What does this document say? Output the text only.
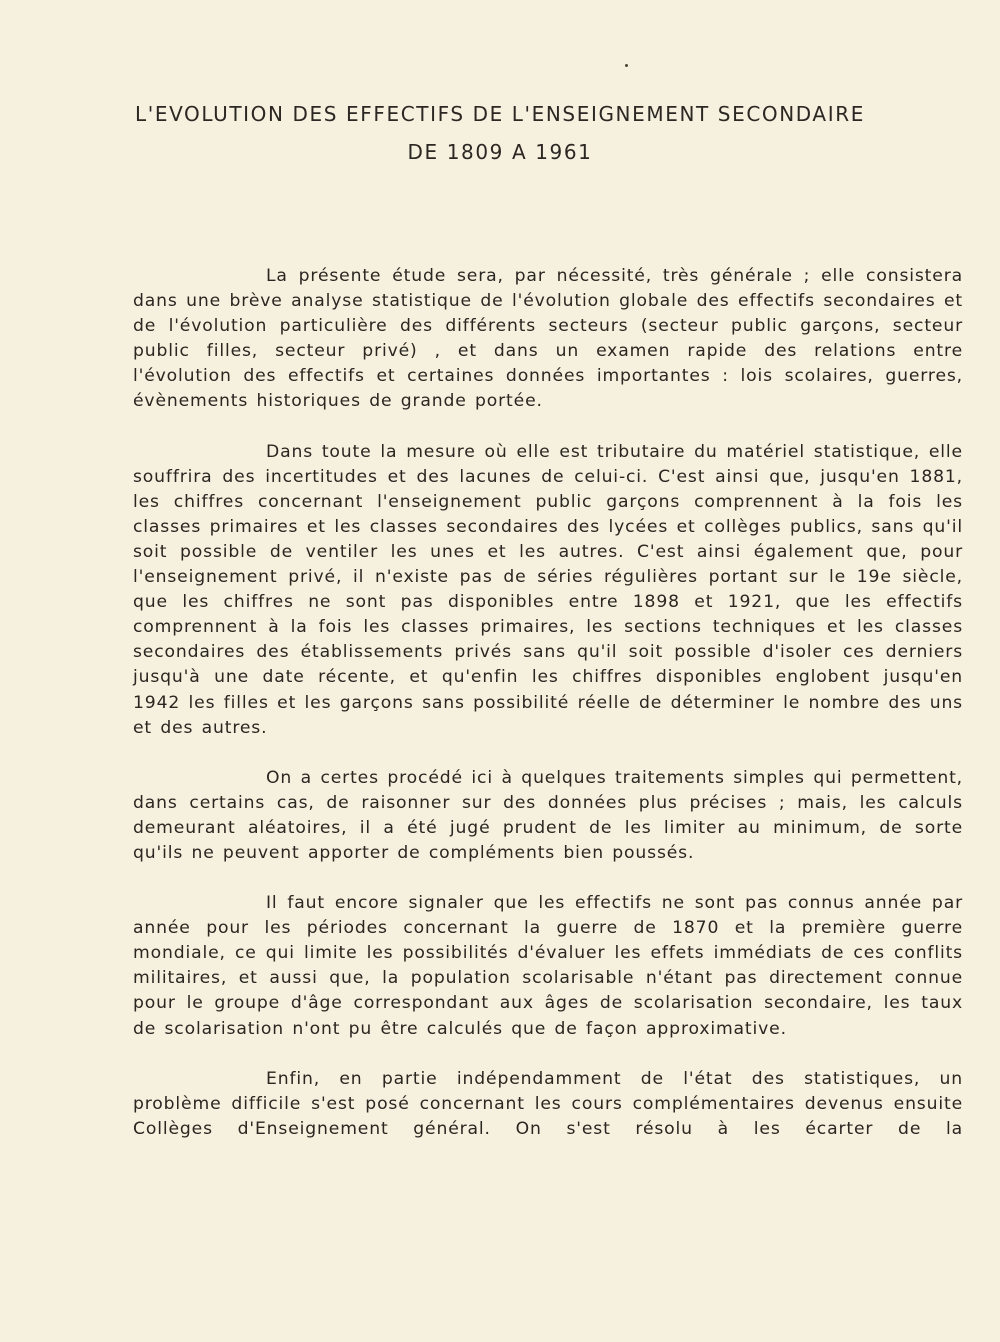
L'EVOLUTION DES EFFECTIFS DE L'ENSEIGNEMENT SECONDAIRE
DE 1809 A 1961

La présente étude sera, par nécessité, très générale ; elle consistera dans une brève analyse statistique de l'évolution globale des effectifs secondaires et de l'évolution particulière des différents secteurs (secteur public garçons, secteur public filles, secteur privé) , et dans un examen rapide des relations entre l'évolution des effectifs et certaines données importantes : lois scolaires, guerres, évènements historiques de grande portée.

Dans toute la mesure où elle est tributaire du matériel statistique, elle souffrira des incertitudes et des lacunes de celui-ci. C'est ainsi que, jusqu'en 1881, les chiffres concernant l'enseignement public garçons comprennent à la fois les classes primaires et les classes secondaires des lycées et collèges publics, sans qu'il soit possible de ventiler les unes et les autres. C'est ainsi également que, pour l'enseignement privé, il n'existe pas de séries régulières portant sur le 19e siècle, que les chiffres ne sont pas disponibles entre 1898 et 1921, que les effectifs comprennent à la fois les classes primaires, les sections techniques et les classes secondaires des établissements privés sans qu'il soit possible d'isoler ces derniers jusqu'à une date récente, et qu'enfin les chiffres disponibles englobent jusqu'en 1942 les filles et les garçons sans possibilité réelle de déterminer le nombre des uns et des autres.

On a certes procédé ici à quelques traitements simples qui permettent, dans certains cas, de raisonner sur des données plus précises ; mais, les calculs demeurant aléatoires, il a été jugé prudent de les limiter au minimum, de sorte qu'ils ne peuvent apporter de compléments bien poussés.

Il faut encore signaler que les effectifs ne sont pas connus année par année pour les périodes concernant la guerre de 1870 et la première guerre mondiale, ce qui limite les possibilités d'évaluer les effets immédiats de ces conflits militaires, et aussi que, la population scolarisable n'étant pas directement connue pour le groupe d'âge correspondant aux âges de scolarisation secondaire, les taux de scolarisation n'ont pu être calculés que de façon approximative.

Enfin, en partie indépendamment de l'état des statistiques, un problème difficile s'est posé concernant les cours complémentaires devenus ensuite Collèges d'Enseignement général. On s'est résolu à les écarter de la
